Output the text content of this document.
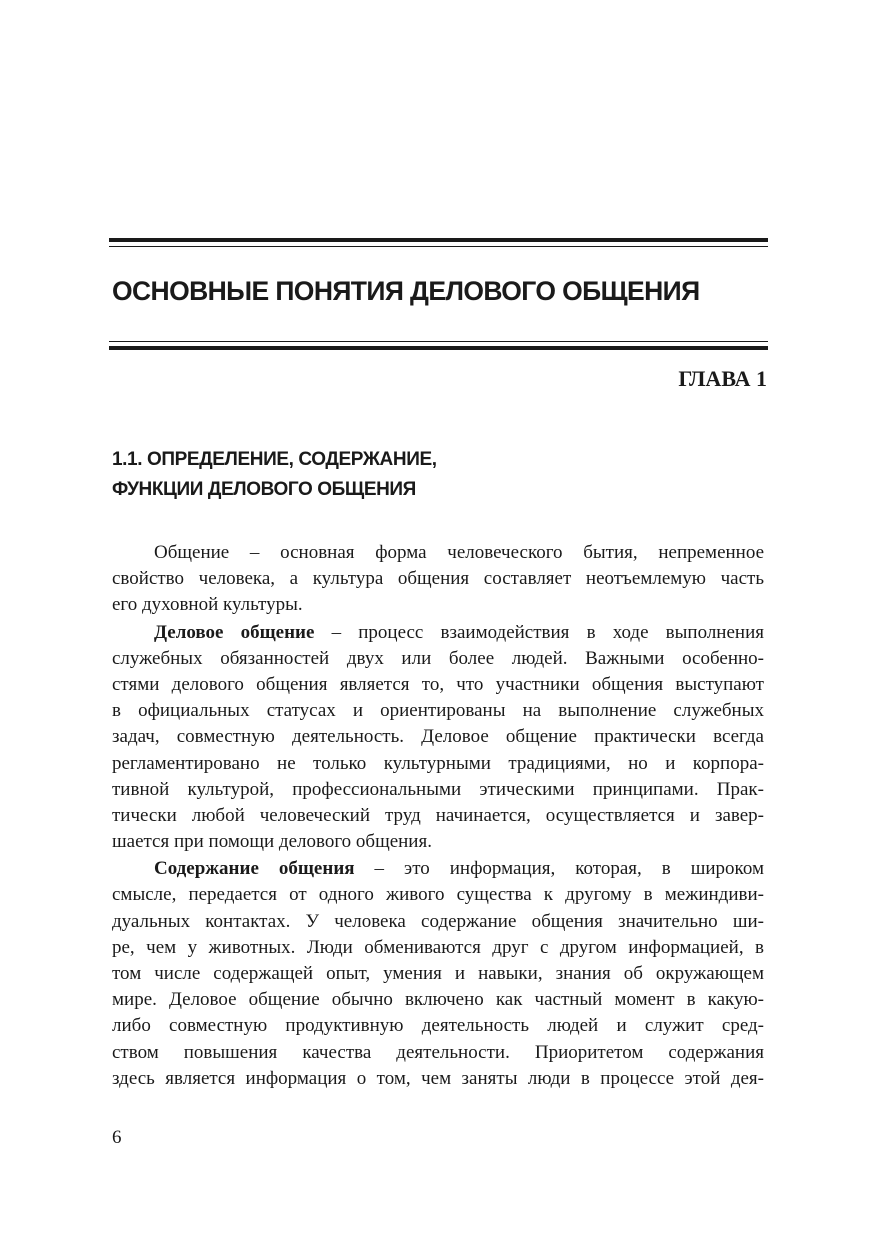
ОСНОВНЫЕ ПОНЯТИЯ ДЕЛОВОГО ОБЩЕНИЯ
ГЛАВА 1
1.1. ОПРЕДЕЛЕНИЕ, СОДЕРЖАНИЕ,
ФУНКЦИИ ДЕЛОВОГО ОБЩЕНИЯ
Общение – основная форма человеческого бытия, непременное
свойство человека, а культура общения составляет неотъемлемую часть
его духовной культуры.
Деловое общение – процесс взаимодействия в ходе выполнения
служебных обязанностей двух или более людей. Важными особенно-
стями делового общения является то, что участники общения выступают
в официальных статусах и ориентированы на выполнение служебных
задач, совместную деятельность. Деловое общение практически всегда
регламентировано не только культурными традициями, но и корпора-
тивной культурой, профессиональными этическими принципами. Прак-
тически любой человеческий труд начинается, осуществляется и завер-
шается при помощи делового общения.
Содержание общения – это информация, которая, в широком
смысле, передается от одного живого существа к другому в межиндиви-
дуальных контактах. У человека содержание общения значительно ши-
ре, чем у животных. Люди обмениваются друг с другом информацией, в
том числе содержащей опыт, умения и навыки, знания об окружающем
мире. Деловое общение обычно включено как частный момент в какую-
либо совместную продуктивную деятельность людей и служит сред-
ством повышения качества деятельности. Приоритетом содержания
здесь является информация о том, чем заняты люди в процессе этой дея-
6
